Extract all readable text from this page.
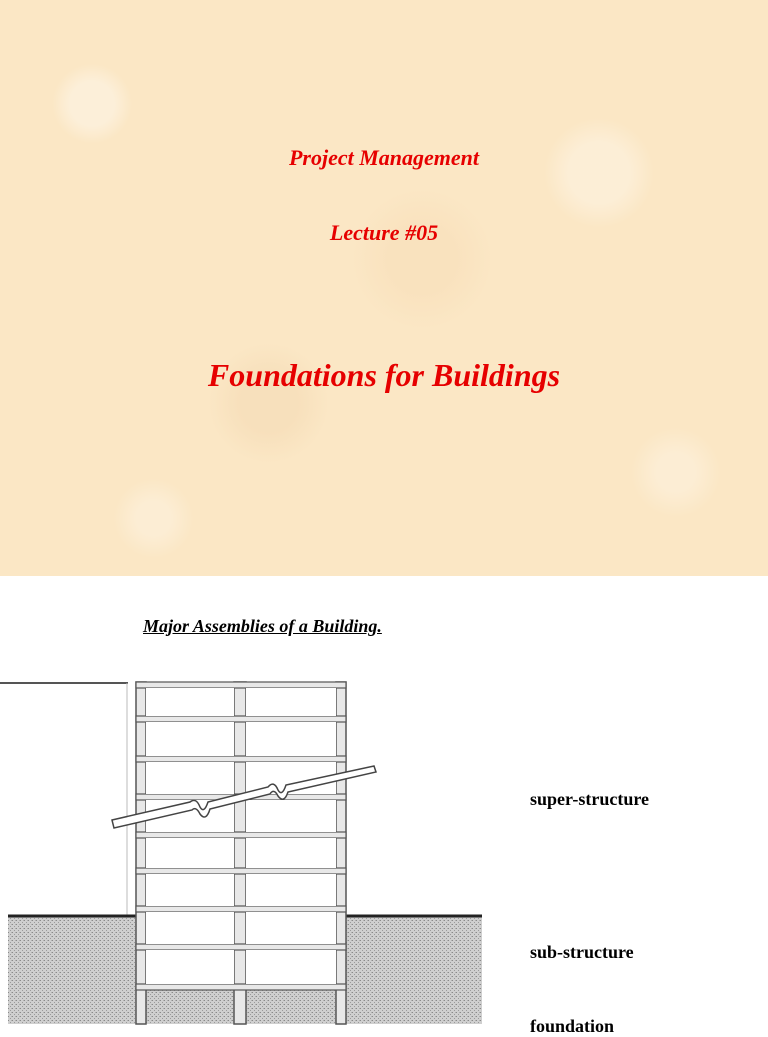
Project Management
Lecture #05
Foundations for Buildings

Major Assemblies of a Building.

super-structure

sub-structure

foundation
